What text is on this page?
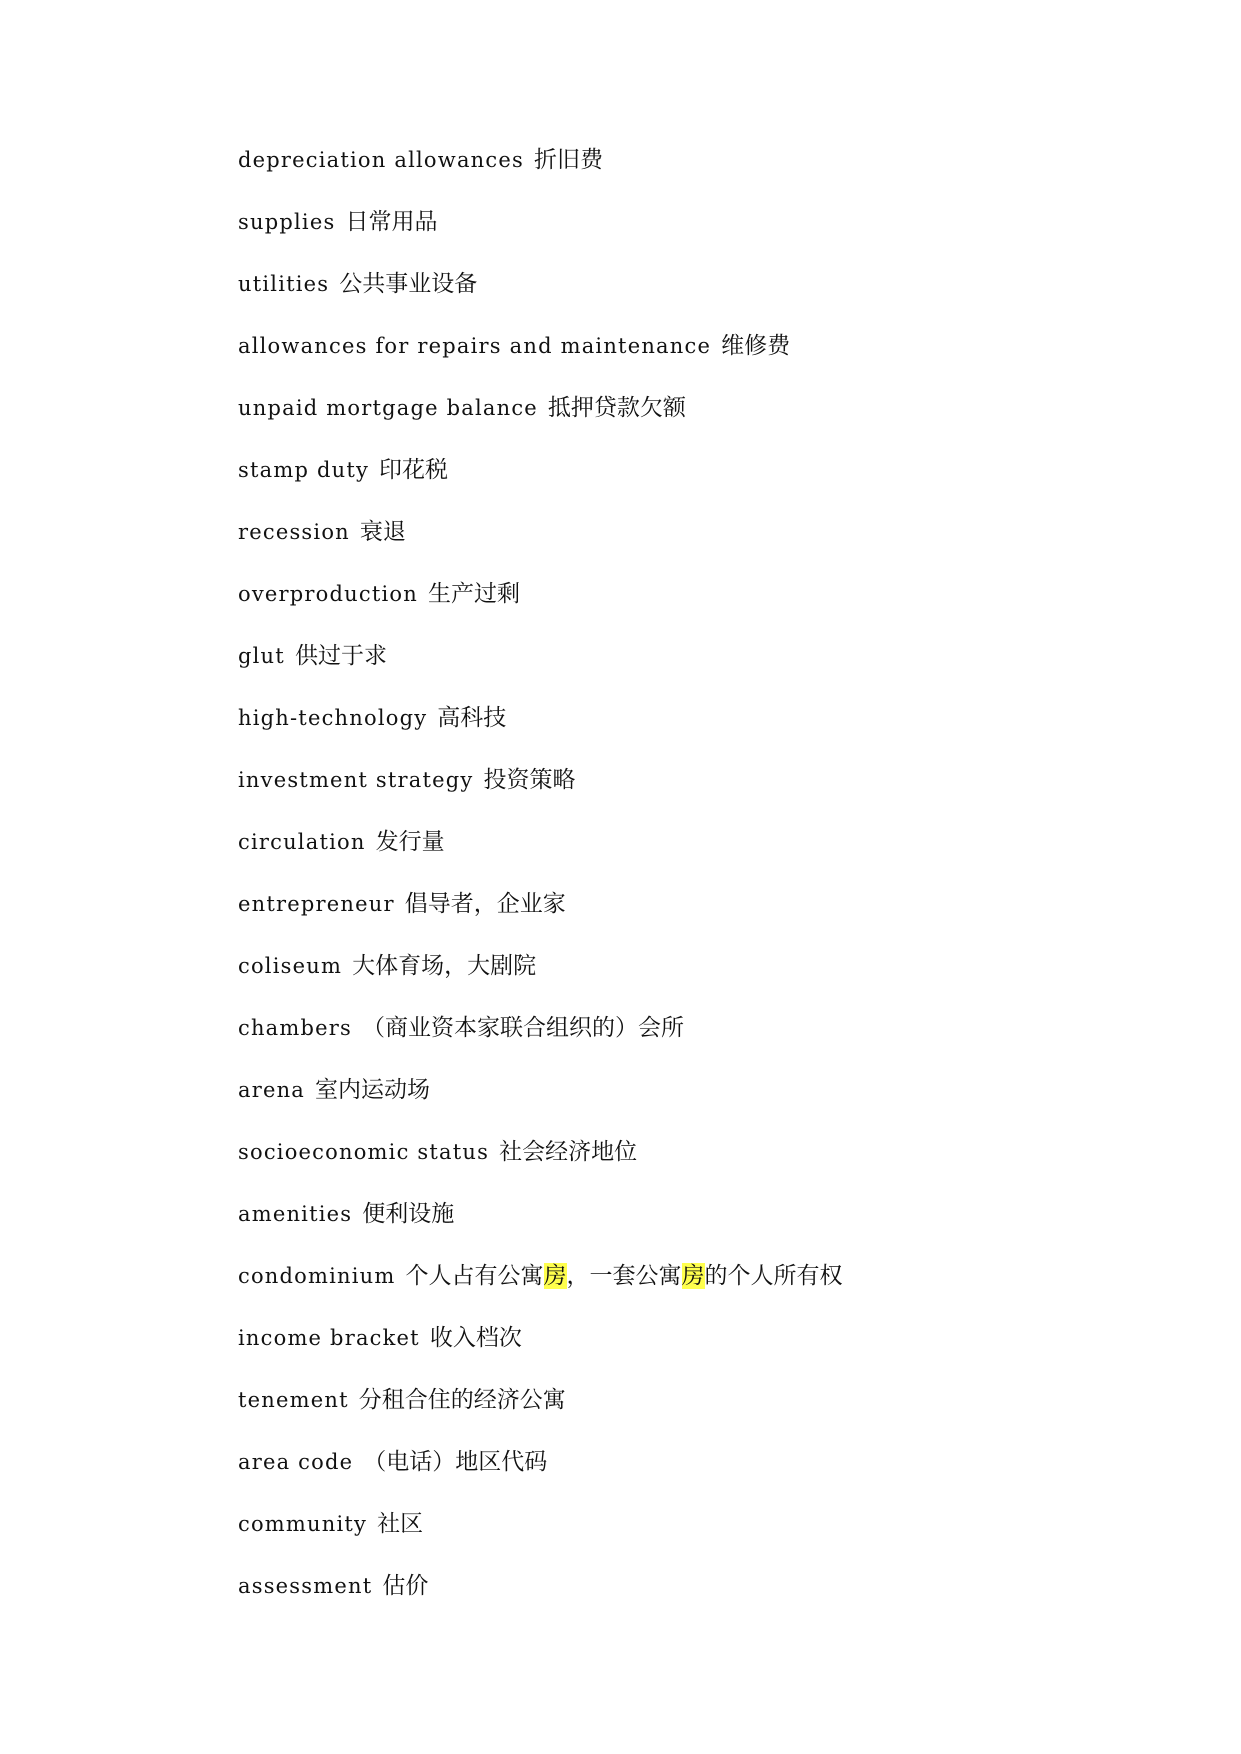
depreciation allowances 折旧费
supplies 日常用品
utilities 公共事业设备
allowances for repairs and maintenance 维修费
unpaid mortgage balance 抵押贷款欠额
stamp duty 印花税
recession 衰退
overproduction 生产过剩
glut 供过于求
high-technology 高科技
investment strategy 投资策略
circulation 发行量
entrepreneur 倡导者，企业家
coliseum 大体育场，大剧院
chambers （商业资本家联合组织的）会所
arena 室内运动场
socioeconomic status 社会经济地位
amenities 便利设施
condominium 个人占有公寓房，一套公寓房的个人所有权
income bracket 收入档次
tenement 分租合住的经济公寓
area code （电话）地区代码
community 社区
assessment 估价
